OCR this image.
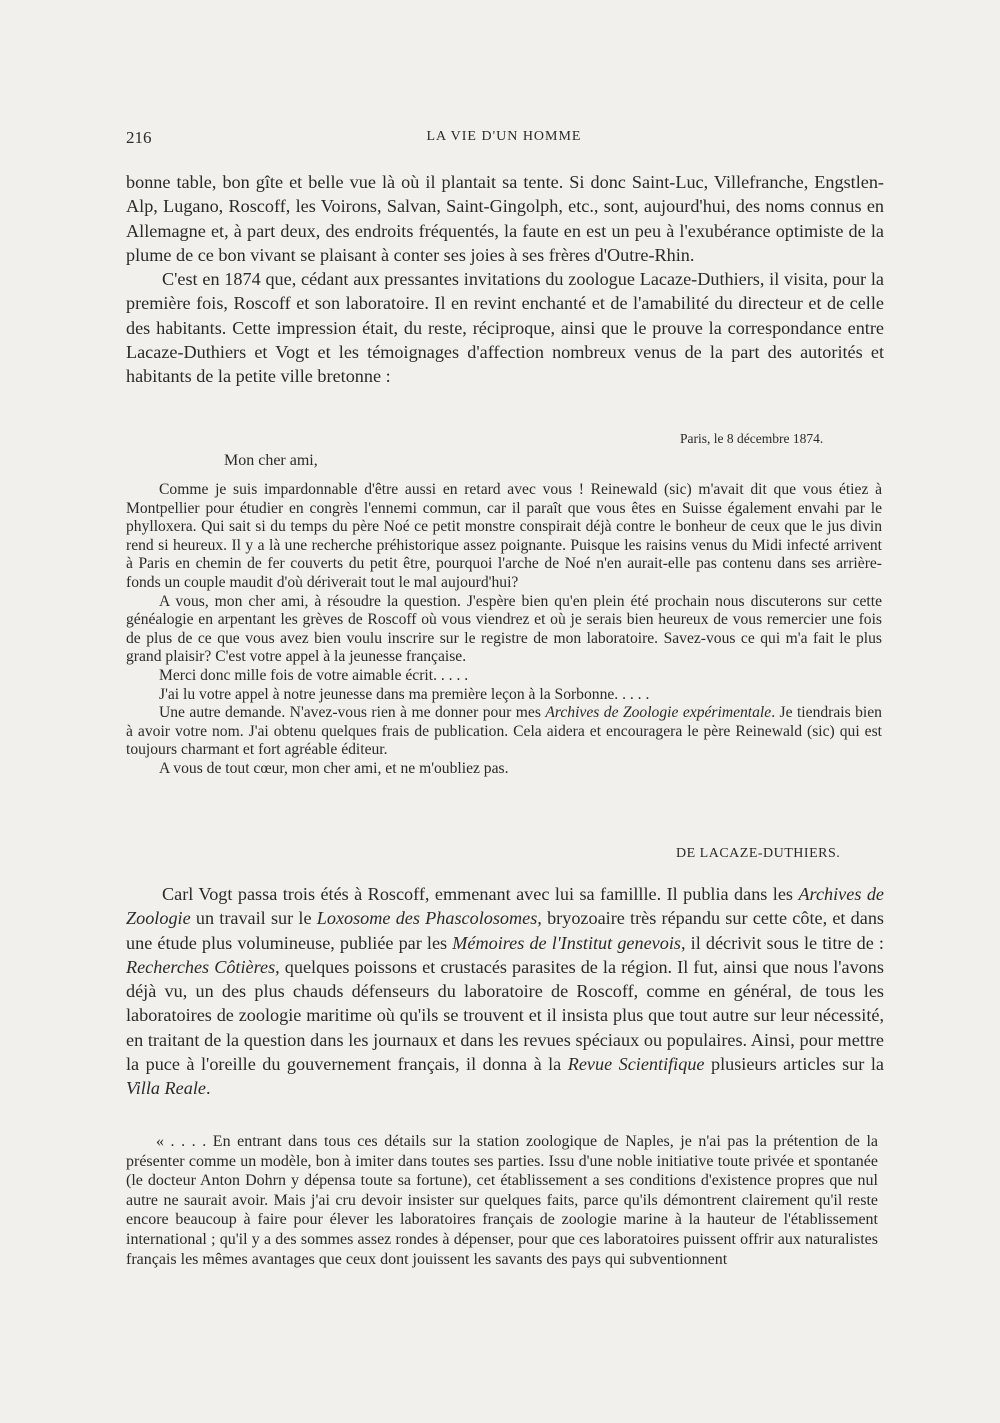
216	LA VIE D'UN HOMME

bonne table, bon gîte et belle vue là où il plantait sa tente. Si donc Saint-Luc, Villefranche, Engstlen-Alp, Lugano, Roscoff, les Voirons, Salvan, Saint-Gingolph, etc., sont, aujourd'hui, des noms connus en Allemagne et, à part deux, des endroits fréquentés, la faute en est un peu à l'exubérance optimiste de la plume de ce bon vivant se plaisant à conter ses joies à ses frères d'Outre-Rhin.

C'est en 1874 que, cédant aux pressantes invitations du zoologue Lacaze-Duthiers, il visita, pour la première fois, Roscoff et son laboratoire. Il en revint enchanté et de l'amabilité du directeur et de celle des habitants. Cette impression était, du reste, réciproque, ainsi que le prouve la correspondance entre Lacaze-Duthiers et Vogt et les témoignages d'affection nombreux venus de la part des autorités et habitants de la petite ville bretonne :

Paris, le 8 décembre 1874.
Mon cher ami,

Comme je suis impardonnable d'être aussi en retard avec vous ! Reinewald (sic) m'avait dit que vous étiez à Montpellier pour étudier en congrès l'ennemi commun, car il paraît que vous êtes en Suisse également envahi par le phylloxera. Qui sait si du temps du père Noé ce petit monstre conspirait déjà contre le bonheur de ceux que le jus divin rend si heureux. Il y a là une recherche préhistorique assez poignante. Puisque les raisins venus du Midi infecté arrivent à Paris en chemin de fer couverts du petit être, pourquoi l'arche de Noé n'en aurait-elle pas contenu dans ses arrière-fonds un couple maudit d'où dériverait tout le mal aujourd'hui?

A vous, mon cher ami, à résoudre la question. J'espère bien qu'en plein été prochain nous discuterons sur cette généalogie en arpentant les grèves de Roscoff où vous viendrez et où je serais bien heureux de vous remercier une fois de plus de ce que vous avez bien voulu inscrire sur le registre de mon laboratoire. Savez-vous ce qui m'a fait le plus grand plaisir? C'est votre appel à la jeunesse française.

Merci donc mille fois de votre aimable écrit. . . . .

J'ai lu votre appel à notre jeunesse dans ma première leçon à la Sorbonne. . . . .

Une autre demande. N'avez-vous rien à me donner pour mes Archives de Zoologie expérimentale. Je tiendrais bien à avoir votre nom. J'ai obtenu quelques frais de publication. Cela aidera et encouragera le père Reinewald (sic) qui est toujours charmant et fort agréable éditeur.

A vous de tout cœur, mon cher ami, et ne m'oubliez pas.

DE LACAZE-DUTHIERS.

Carl Vogt passa trois étés à Roscoff, emmenant avec lui sa famillle. Il publia dans les Archives de Zoologie un travail sur le Loxosome des Phascolosomes, bryozoaire très répandu sur cette côte, et dans une étude plus volumineuse, publiée par les Mémoires de l'Institut genevois, il décrivit sous le titre de : Recherches Côtières, quelques poissons et crustacés parasites de la région. Il fut, ainsi que nous l'avons déjà vu, un des plus chauds défenseurs du laboratoire de Roscoff, comme en général, de tous les laboratoires de zoologie maritime où qu'ils se trouvent et il insista plus que tout autre sur leur nécessité, en traitant de la question dans les journaux et dans les revues spéciaux ou populaires. Ainsi, pour mettre la puce à l'oreille du gouvernement français, il donna à la Revue Scientifique plusieurs articles sur la Villa Reale.

« . . . . En entrant dans tous ces détails sur la station zoologique de Naples, je n'ai pas la prétention de la présenter comme un modèle, bon à imiter dans toutes ses parties. Issu d'une noble initiative toute privée et spontanée (le docteur Anton Dohrn y dépensa toute sa fortune), cet établissement a ses conditions d'existence propres que nul autre ne saurait avoir. Mais j'ai cru devoir insister sur quelques faits, parce qu'ils démontrent clairement qu'il reste encore beaucoup à faire pour élever les laboratoires français de zoologie marine à la hauteur de l'établissement international ; qu'il y a des sommes assez rondes à dépenser, pour que ces laboratoires puissent offrir aux naturalistes français les mêmes avantages que ceux dont jouissent les savants des pays qui subventionnent
